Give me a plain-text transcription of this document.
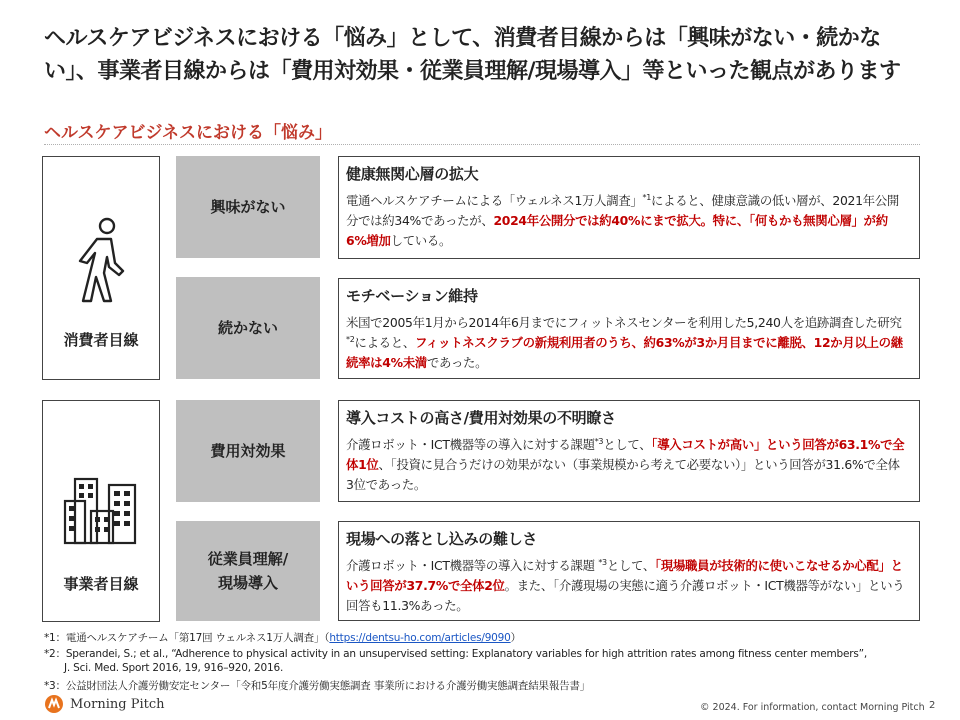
ヘルスケアビジネスにおける「悩み」として、消費者目線からは「興味がない・続かない」、事業者目線からは「費用対効果・従業員理解/現場導入」等といった観点があります
ヘルスケアビジネスにおける「悩み」
消費者目線
事業者目線
興味がない
続かない
費用対効果
従業員理解/
現場導入
健康無関心層の拡大
電通ヘルスケアチームによる「ウェルネス1万人調査」$^{*1}$によると、健康意識の低い層が、2021年公開分では約34%であったが、2024年公開分では約40%にまで拡大。特に、「何もかも無関心層」が約6%増加している。
モチベーション維持
米国で2005年1月から2014年6月までにフィットネスセンターを利用した5,240人を追跡調査した研究$^{*2}$によると、フィットネスクラブの新規利用者のうち、約63%が3か月目までに離脱、12か月以上の継続率は4%未満であった。
導入コストの高さ/費用対効果の不明瞭さ
介護ロボット・ICT機器等の導入に対する課題$^{*3}$として、「導入コストが高い」という回答が63.1%で全体1位、「投資に見合うだけの効果がない（事業規模から考えて必要ない）」という回答が31.6%で全体3位であった。
現場への落とし込みの難しさ
介護ロボット・ICT機器等の導入に対する課題 $^{*3}$として、「現場職員が技術的に使いこなせるか心配」という回答が37.7%で全体2位。また、「介護現場の実態に適う介護ロボット・ICT機器等がない」という回答も11.3%あった。
*1：電通ヘルスケアチーム「第17回 ウェルネス1万人調査」（https://dentsu-ho.com/articles/9090）
*2：Sperandei, S.; et al., “Adherence to physical activity in an unsupervised setting: Explanatory variables for high attrition rates among fitness center members”,
J. Sci. Med. Sport 2016, 19, 916–920, 2016.
*3：公益財団法人介護労働安定センター「令和5年度介護労働実態調査 事業所における介護労働実態調査結果報告書」
Morning Pitch	© 2024. For information, contact Morning Pitch 2
